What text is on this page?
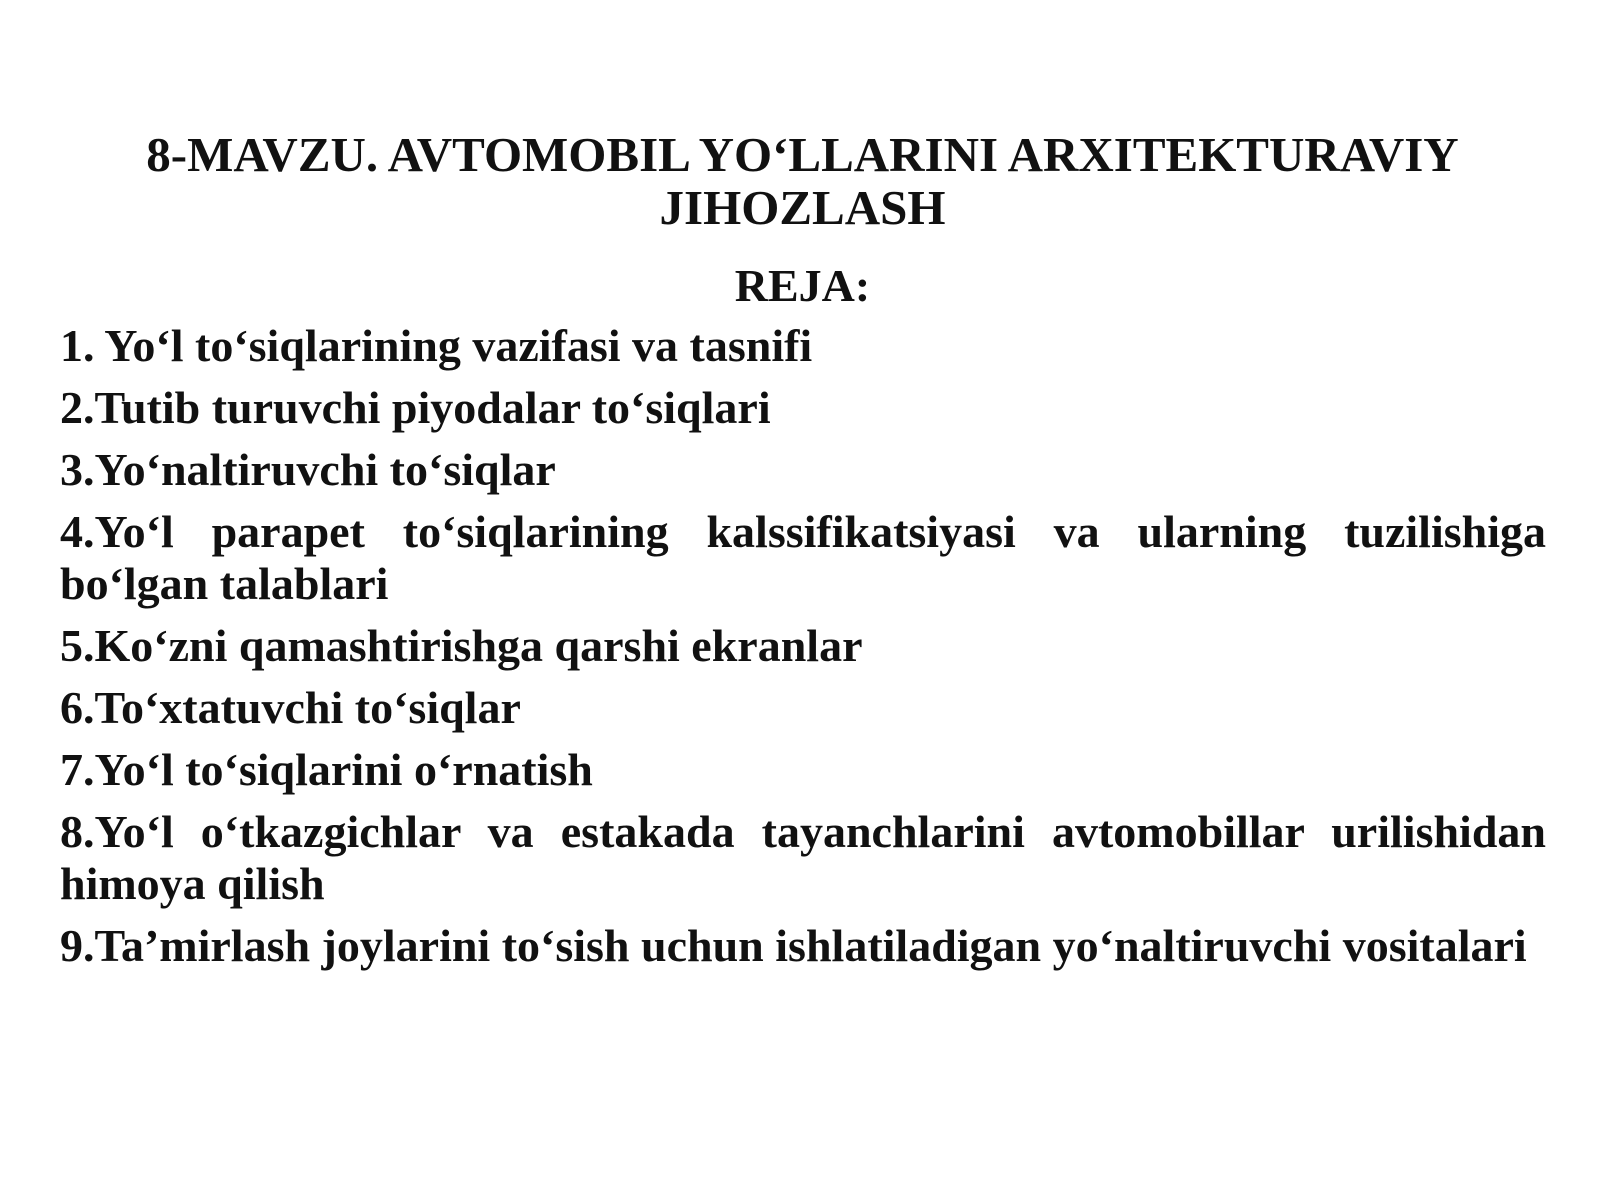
8-MAVZU. AVTOMOBIL YO‘LLARINI ARXITEKTURAVIY JIHOZLASH
REJA:
1. Yo‘l to‘siqlarining vazifasi va tasnifi
2.Tutib turuvchi piyodalar to‘siqlari
3.Yo‘naltiruvchi to‘siqlar
4.Yo‘l parapet to‘siqlarining kalssifikatsiyasi va ularning tuzilishiga bo‘lgan talablari
5.Ko‘zni qamashtirishga qarshi ekranlar
6.To‘xtatuvchi to‘siqlar
7.Yo‘l to‘siqlarini o‘rnatish
8.Yo‘l o‘tkazgichlar va estakada tayanchlarini avtomobillar urilishidan himoya qilish
9.Ta’mirlash joylarini to‘sish uchun ishlatiladigan yo‘naltiruvchi vositalari
